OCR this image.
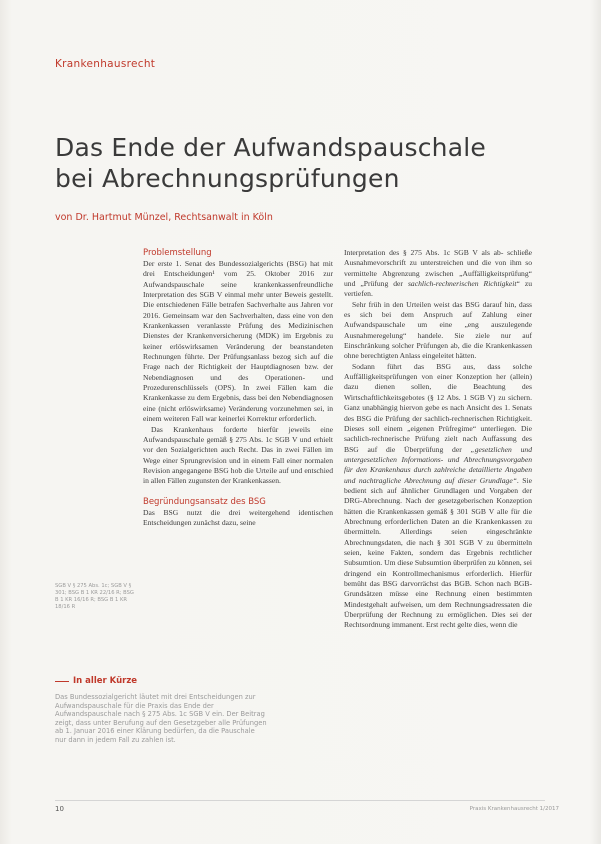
Krankenhausrecht
Das Ende der Aufwandspauschale
bei Abrechnungsprüfungen
von Dr. Hartmut Münzel, Rechtsanwalt in Köln
Problemstellung

Der erste 1. Senat des Bundessozialgerichts (BSG) hat mit drei Entscheidungen¹ vom 25. Oktober 2016 zur Aufwandspauschale seine krankenkassenfreundliche Interpretation des SGB V einmal mehr unter Beweis gestellt. Die entschiedenen Fälle betrafen Sachverhalte aus Jahren vor 2016. Gemeinsam war den Sachverhalten, dass eine von den Krankenkassen veranlasste Prüfung des Medizinischen Dienstes der Krankenversicherung (MDK) im Ergebnis zu keiner erlöswirksamen Veränderung der beanstandeten Rechnungen führte. Der Prüfungsanlass bezog sich auf die Frage nach der Richtigkeit der Hauptdiagnosen bzw. der Nebendiagnosen und des Operationen- und Prozedurenschlüssels (OPS). In zwei Fällen kam die Krankenkasse zu dem Ergebnis, dass bei den Nebendiagnosen eine (nicht erlöswirksame) Veränderung vorzunehmen sei, in einem weiteren Fall war keinerlei Korrektur erforderlich.

Das Krankenhaus forderte hierfür jeweils eine Aufwandspauschale gemäß § 275 Abs. 1c SGB V und erhielt vor den Sozialgerichten auch Recht. Das in zwei Fällen im Wege einer Sprungrevision und in einem Fall einer normalen Revision angegangene BSG hob die Urteile auf und entschied in allen Fällen zugunsten der Krankenkassen.

Begründungsansatz des BSG

Das BSG nutzt die drei weitergehend identischen Entscheidungen zunächst dazu, seine

Interpretation des § 275 Abs. 1c SGB V als ab- schließe Ausnahmevorschrift zu unterstreichen und die von ihm so vermittelte Abgrenzung zwischen „Auffälligkeitsprüfung“ und „Prüfung der sachlich-rechnerischen Richtigkeit“ zu vertiefen.

Sehr früh in den Urteilen weist das BSG darauf hin, dass es sich bei dem Anspruch auf Zahlung einer Aufwandspauschale um eine „eng auszulegende Ausnahmeregelung“ handele. Sie ziele nur auf Einschränkung solcher Prüfungen ab, die die Krankenkassen ohne berechtigten Anlass eingeleitet hätten.

Sodann führt das BSG aus, dass solche Auffälligkeitsprüfungen von einer Konzeption her (allein) dazu dienen sollen, die Beachtung des Wirtschaftlichkeitsgebotes (§ 12 Abs. 1 SGB V) zu sichern. Ganz unabhängig hiervon gebe es nach Ansicht des 1. Senats des BSG die Prüfung der sachlich-rechnerischen Richtigkeit. Dieses soll einem „eigenen Prüfregime“ unterliegen. Die sachlich-rechnerische Prüfung zielt nach Auffassung des BSG auf die Überprüfung der „gesetzlichen und untergesetzlichen Informations- und Abrechnungsvorgaben für den Krankenhaus durch zahlreiche detaillierte Angaben und nachtragliche Abrechnung auf dieser Grundlage“. Sie bedient sich auf ähnlicher Grundlagen und Vorgaben der DRG-Abrechnung. Nach der gesetzgeberischen Konzeption hätten die Krankenkassen gemäß § 301 SGB V alle für die Abrechnung erforderlichen Daten an die Krankenkassen zu übermitteln. Allerdings seien eingeschränkte Abrechnungsdaten, die nach § 301 SGB V zu übermitteln seien, keine Fakten, sondern das Ergebnis rechtlicher Subsumtion. Um diese Subsumtion überprüfen zu können, sei dringend ein Kontrollmechanismus erforderlich. Hierfür bemüht das BSG darvorrächst das BGB. Schon nach BGB-Grundsätzen müsse eine Rechnung einen bestimmten Mindestgehalt aufweisen, um dem Rechnungsadressaten die Überprüfung der Rechnung zu ermöglichen. Dies sei der Rechtsordnung immanent. Erst recht gelte dies, wenn die

SGB V § 275 Abs. 1c; SGB V § 301; BSG B 1 KR 22/16 R; BSG B 1 KR 16/16 R; BSG B 1 KR 18/16 R
In aller Kürze
Das Bundessozialgericht läutet mit drei Entscheidungen zur Aufwandspauschale für die Praxis das Ende der Aufwandspauschale nach § 275 Abs. 1c SGB V ein. Der Beitrag zeigt, dass unter Berufung auf den Gesetzgeber alle Prüfungen ab 1. Januar 2016 einer Klärung bedürfen, da die Pauschale nur dann in jedem Fall zu zahlen ist.
10	Praxis Krankenhausrecht 1/2017
